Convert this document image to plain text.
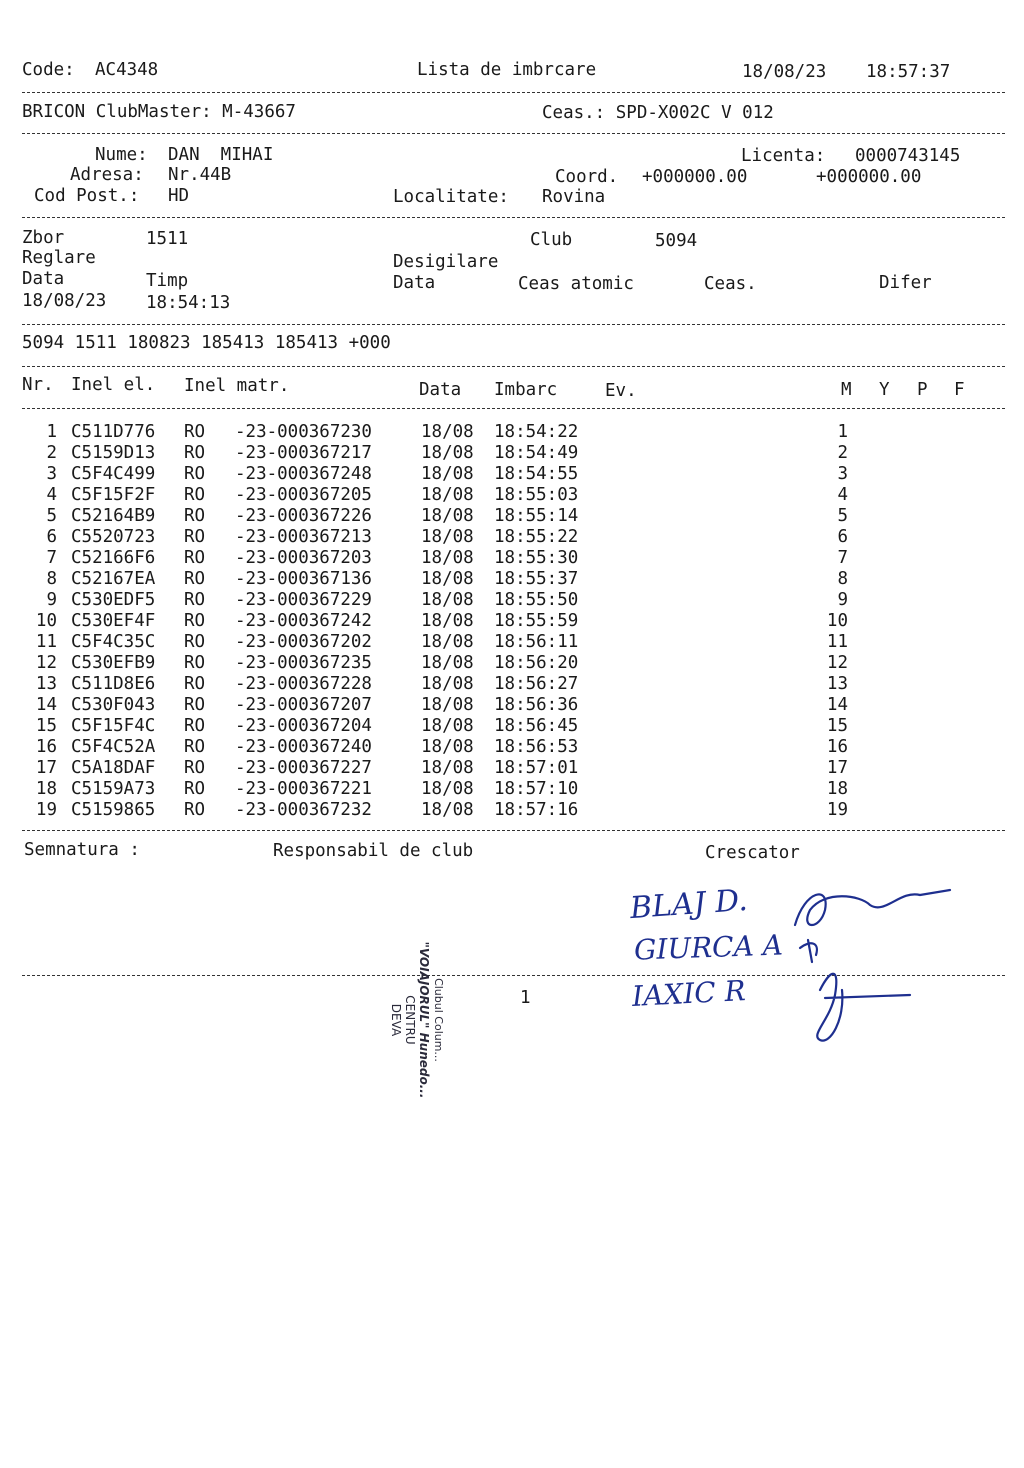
Code: AC4348	Lista de imbrcare	18/08/23 18:57:37
BRICON ClubMaster: M-43667	Ceas.: SPD-X002C V 012
Nume: DAN  MIHAI	Licenta: 0000743145
Adresa: Nr.44B	Coord. +000000.00	+000000.00
Cod Post.: HD	Localitate: Rovina
Zbor	1511	Club	5094
Reglare	Desigilare
Data	Timp	Data	Ceas atomic	Ceas.	Difer
18/08/23 18:54:13
5094 1511 180823 185413 185413 +000
Nr. Inel el. Inel matr.	Data Imbarc	Ev.	M Y P F
1 C511D776 RO -23-000367230	18/08 18:54:22	1
2 C5159D13 RO -23-000367217	18/08 18:54:49	2
3 C5F4C499 RO -23-000367248	18/08 18:54:55	3
4 C5F15F2F RO -23-000367205	18/08 18:55:03	4
5 C52164B9 RO -23-000367226	18/08 18:55:14	5
6 C5520723 RO -23-000367213	18/08 18:55:22	6
7 C52166F6 RO -23-000367203	18/08 18:55:30	7
8 C52167EA RO -23-000367136	18/08 18:55:37	8
9 C530EDF5 RO -23-000367229	18/08 18:55:50	9
10 C530EF4F RO -23-000367242	18/08 18:55:59	10
11 C5F4C35C RO -23-000367202	18/08 18:56:11	11
12 C530EFB9 RO -23-000367235	18/08 18:56:20	12
13 C511D8E6 RO -23-000367228	18/08 18:56:27	13
14 C530F043 RO -23-000367207	18/08 18:56:36	14
15 C5F15F4C RO -23-000367204	18/08 18:56:45	15
16 C5F4C52A RO -23-000367240	18/08 18:56:53	16
17 C5A18DAF RO -23-000367227	18/08 18:57:01	17
18 C5159A73 RO -23-000367221	18/08 18:57:10	18
19 C5159865 RO -23-000367232	18/08 18:57:16	19
Semnatura :	Responsabil de club	Crescator
1
Clubul Colum...
"VOIAJORUL" Hunedo...
CENTRU
DEVA
BLAJ D.
GIURCA A
IAXIC R
